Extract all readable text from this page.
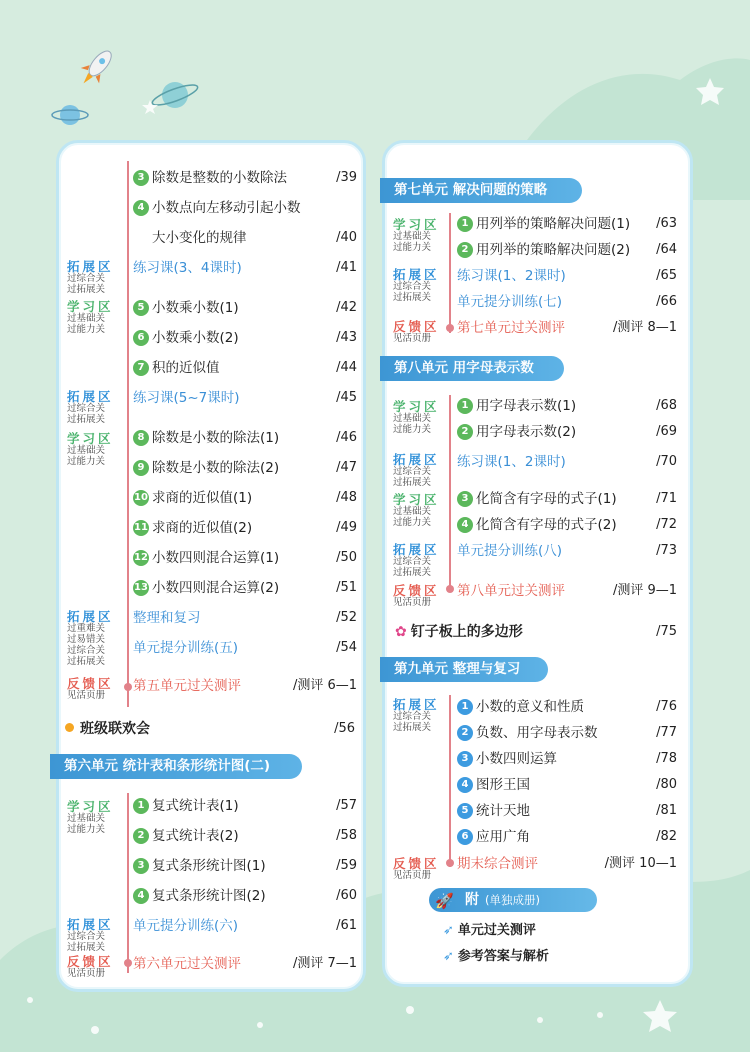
3 除数是整数的小数除法	/39
4 小数点向左移动引起小数
大小变化的规律	/40
拓展区
过综合关
过拓展关
练习课(3、4课时)	/41
学习区
过基础关
过能力关
5 小数乘小数(1)	/42
6 小数乘小数(2)	/43
7 积的近似值	/44
拓展区
过综合关
过拓展关
练习课(5~7课时)	/45
学习区
过基础关
过能力关
8 除数是小数的除法(1)	/46
9 除数是小数的除法(2)	/47
10 求商的近似值(1)	/48
11 求商的近似值(2)	/49
12 小数四则混合运算(1)	/50
13 小数四则混合运算(2)	/51
拓展区
过重难关
过易错关
过综合关
过拓展关
整理和复习	/52
单元提分训练(五)	/54
反馈区
见活页册
第五单元过关测评	/测评 6—1
班级联欢会	/56
学习区
过基础关
过能力关
1 复式统计表(1)	/57
2 复式统计表(2)	/58
3 复式条形统计图(1)	/59
4 复式条形统计图(2)	/60
拓展区
过综合关
过拓展关
单元提分训练(六)	/61
反馈区
见活页册
第六单元过关测评	/测评 7—1
第六单元 统计表和条形统计图(二)
学习区
过基础关
过能力关
1 用列举的策略解决问题(1) /63
2 用列举的策略解决问题(2) /64
拓展区
过综合关
过拓展关
练习课(1、2课时)	/65
单元提分训练(七)	/66
反馈区
见活页册
第七单元过关测评	/测评 8—1
学习区
过基础关
过能力关
1 用字母表示数(1)	/68
2 用字母表示数(2)	/69
拓展区
过综合关
过拓展关
练习课(1、2课时)	/70
学习区
过基础关
过能力关
3 化简含有字母的式子(1)	/71
4 化简含有字母的式子(2)	/72
拓展区
过综合关
过拓展关
单元提分训练(八)	/73
反馈区
见活页册
第八单元过关测评	/测评 9—1
✿ 钉子板上的多边形	/75
拓展区
过综合关
过拓展关
1 小数的意义和性质	/76
2 负数、用字母表示数	/77
3 小数四则运算	/78
4 图形王国	/80
5 统计天地	/81
6 应用广角	/82
反馈区
见活页册
期末综合测评	/测评 10—1
🚀 附 (单独成册)
➶ 单元过关测评
➶ 参考答案与解析
第七单元 解决问题的策略
第八单元 用字母表示数
第九单元 整理与复习
